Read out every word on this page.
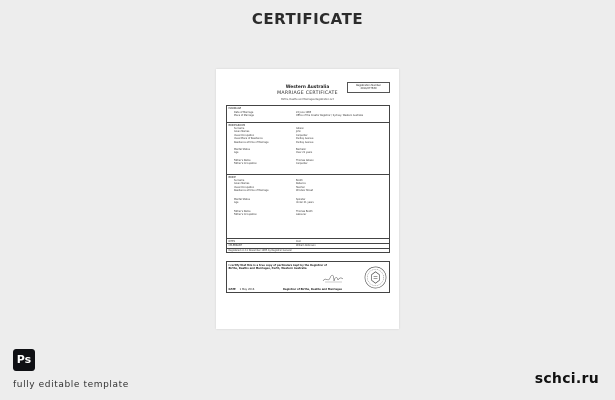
CERTIFICATE
Registration Number 2014/277839
Western Australia
MARRIAGE CERTIFICATE
Births, Deaths and Marriages Registration Act
MARRIAGE
Date of Marriage	22 June 1985
Place of Marriage	Office of the Creator Registrar / Sydney, Western Australia
BRIDEGROOM
Surname	Gibson
Given Names	John
Usual Occupation	Carpenter
Usual Place of Residence	Dudley Avenue
Residence at time of Marriage	Dudley Avenue
Marital Status	Bachelor
Age	Over 21 years
Father's Name	Thomas Gibson
Father's Occupation	Carpenter
BRIDE
Surname	Booth
Given Names	Rebecca
Usual Occupation	Teacher
Residence at time of Marriage	Windsor Street
Marital Status	Spinster
Age	Under 21 years
Father's Name	Thomas Booth
Father's Occupation	Labourer
RITES	Civil
CELEBRANT	William Robinson
Registered on 11 November 1985 by Registrar General
I certify that this is a true copy of particulars kept by the Registrar of Births, Deaths and Marriages, Perth, Western Australia
DATE 1 May 2016	Registrar of Births, Deaths and Marriages
Ps
fully editable template	schci.ru
